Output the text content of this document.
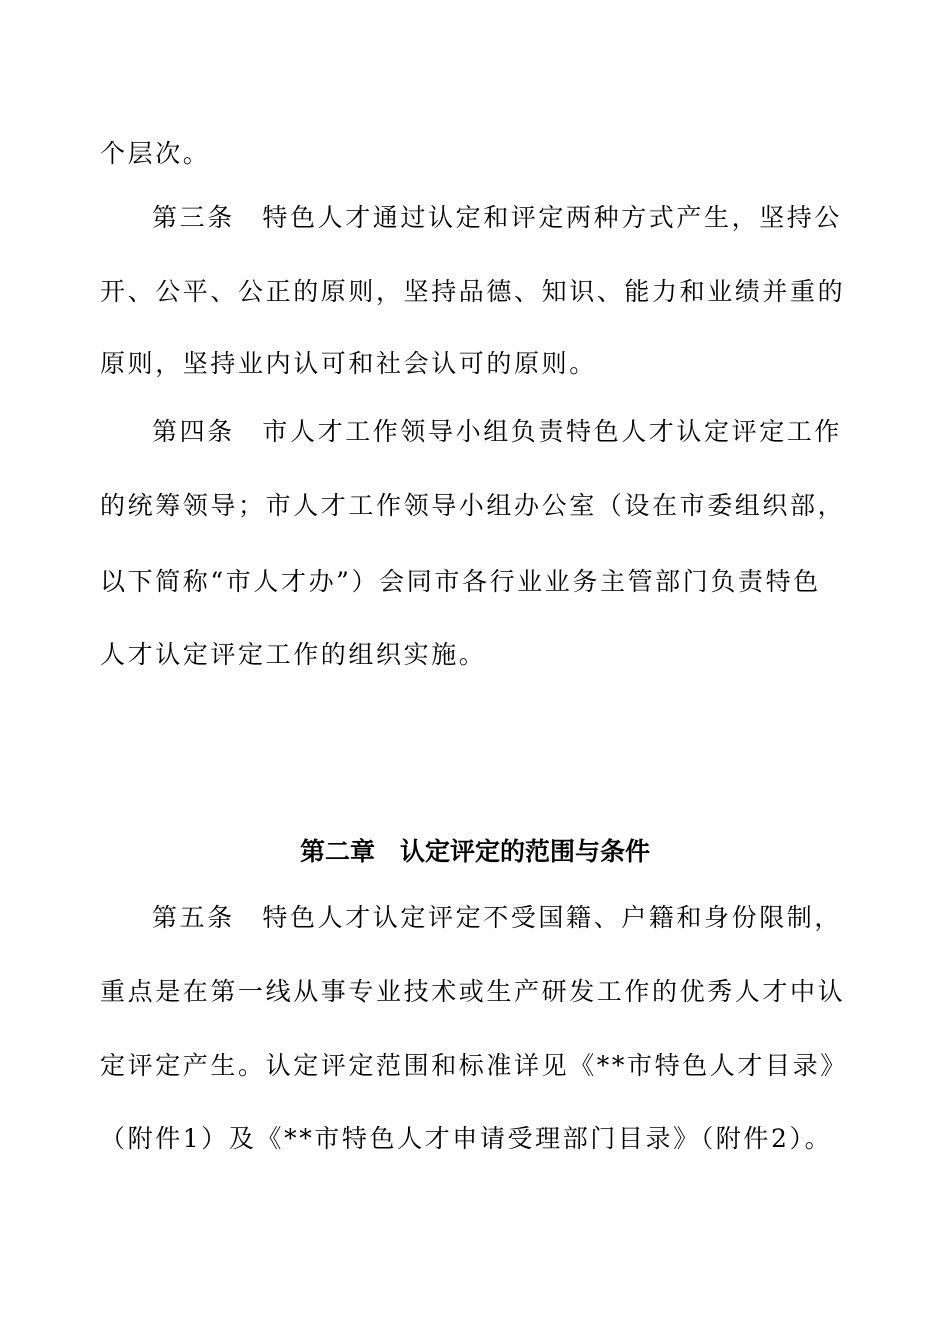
个层次。
第三条　特色人才通过认定和评定两种方式产生，坚持公
开、公平、公正的原则，坚持品德、知识、能力和业绩并重的
原则，坚持业内认可和社会认可的原则。
第四条　市人才工作领导小组负责特色人才认定评定工作
的统筹领导；市人才工作领导小组办公室（设在市委组织部，
以下简称“市人才办”）会同市各行业业务主管部门负责特色
人才认定评定工作的组织实施。
第二章　认定评定的范围与条件
第五条　特色人才认定评定不受国籍、户籍和身份限制，
重点是在第一线从事专业技术或生产研发工作的优秀人才中认
定评定产生。认定评定范围和标准详见《**市特色人才目录》
（附件1）及《**市特色人才申请受理部门目录》（附件2）。
